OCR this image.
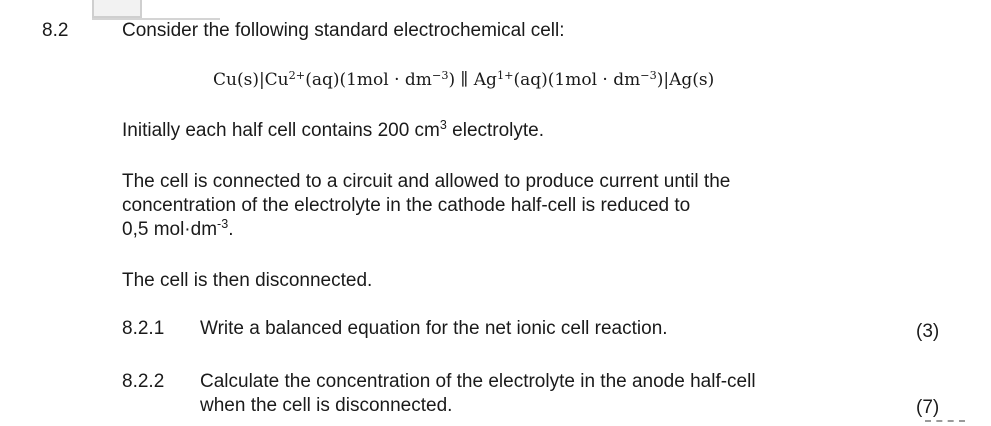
8.2	Consider the following standard electrochemical cell:
$Cu(s)|Cu^{2+}(aq)(1mol \cdot dm^{-3})$ ∥ $Ag^{1+}(aq)(1mol \cdot dm^{-3})|Ag(s)$
Initially each half cell contains 200 $cm^3$ electrolyte.
The cell is connected to a circuit and allowed to produce current until the
concentration of the electrolyte in the cathode half-cell is reduced to
0,5 $mol\cdot dm^{-3}$.
The cell is then disconnected.
8.2.1 Write a balanced equation for the net ionic cell reaction.	(3)
8.2.2 Calculate the concentration of the electrolyte in the anode half-cell
when the cell is disconnected.	(7)
